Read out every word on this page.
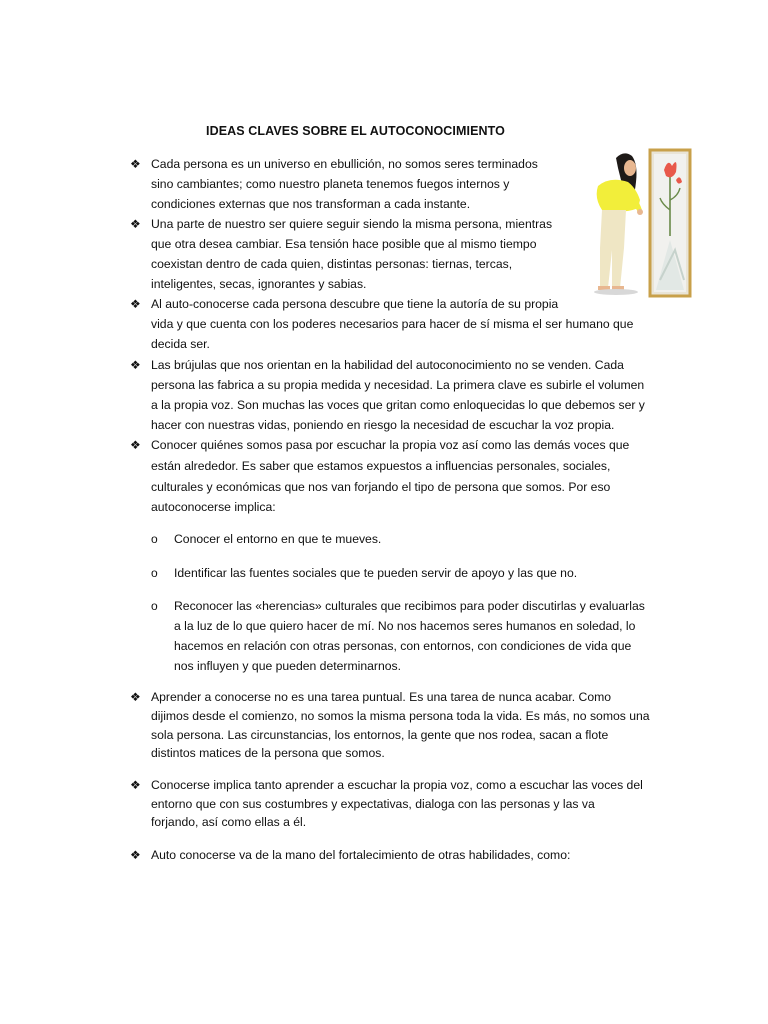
IDEAS CLAVES SOBRE EL AUTOCONOCIMIENTO
❖ Cada persona es un universo en ebullición, no somos seres terminados
sino cambiantes; como nuestro planeta tenemos fuegos internos y
condiciones externas que nos transforman a cada instante.
❖ Una parte de nuestro ser quiere seguir siendo la misma persona, mientras
que otra desea cambiar. Esa tensión hace posible que al mismo tiempo
coexistan dentro de cada quien, distintas personas: tiernas, tercas,
inteligentes, secas, ignorantes y sabias.
❖ Al auto-conocerse cada persona descubre que tiene la autoría de su propia
vida y que cuenta con los poderes necesarios para hacer de sí misma el ser humano que
decida ser.
❖ Las brújulas que nos orientan en la habilidad del autoconocimiento no se venden. Cada
persona las fabrica a su propia medida y necesidad. La primera clave es subirle el volumen
a la propia voz. Son muchas las voces que gritan como enloquecidas lo que debemos ser y
hacer con nuestras vidas, poniendo en riesgo la necesidad de escuchar la voz propia.
❖ Conocer quiénes somos pasa por escuchar la propia voz así como las demás voces que
están alrededor. Es saber que estamos expuestos a influencias personales, sociales,
culturales y económicas que nos van forjando el tipo de persona que somos. Por eso
autoconocerse implica:
o Conocer el entorno en que te mueves.
o Identificar las fuentes sociales que te pueden servir de apoyo y las que no.
o Reconocer las «herencias» culturales que recibimos para poder discutirlas y evaluarlas
a la luz de lo que quiero hacer de mí. No nos hacemos seres humanos en soledad, lo
hacemos en relación con otras personas, con entornos, con condiciones de vida que
nos influyen y que pueden determinarnos.
❖ Aprender a conocerse no es una tarea puntual. Es una tarea de nunca acabar. Como
dijimos desde el comienzo, no somos la misma persona toda la vida. Es más, no somos una
sola persona. Las circunstancias, los entornos, la gente que nos rodea, sacan a flote
distintos matices de la persona que somos.
❖ Conocerse implica tanto aprender a escuchar la propia voz, como a escuchar las voces del
entorno que con sus costumbres y expectativas, dialoga con las personas y las va
forjando, así como ellas a él.
❖ Auto conocerse va de la mano del fortalecimiento de otras habilidades, como:
